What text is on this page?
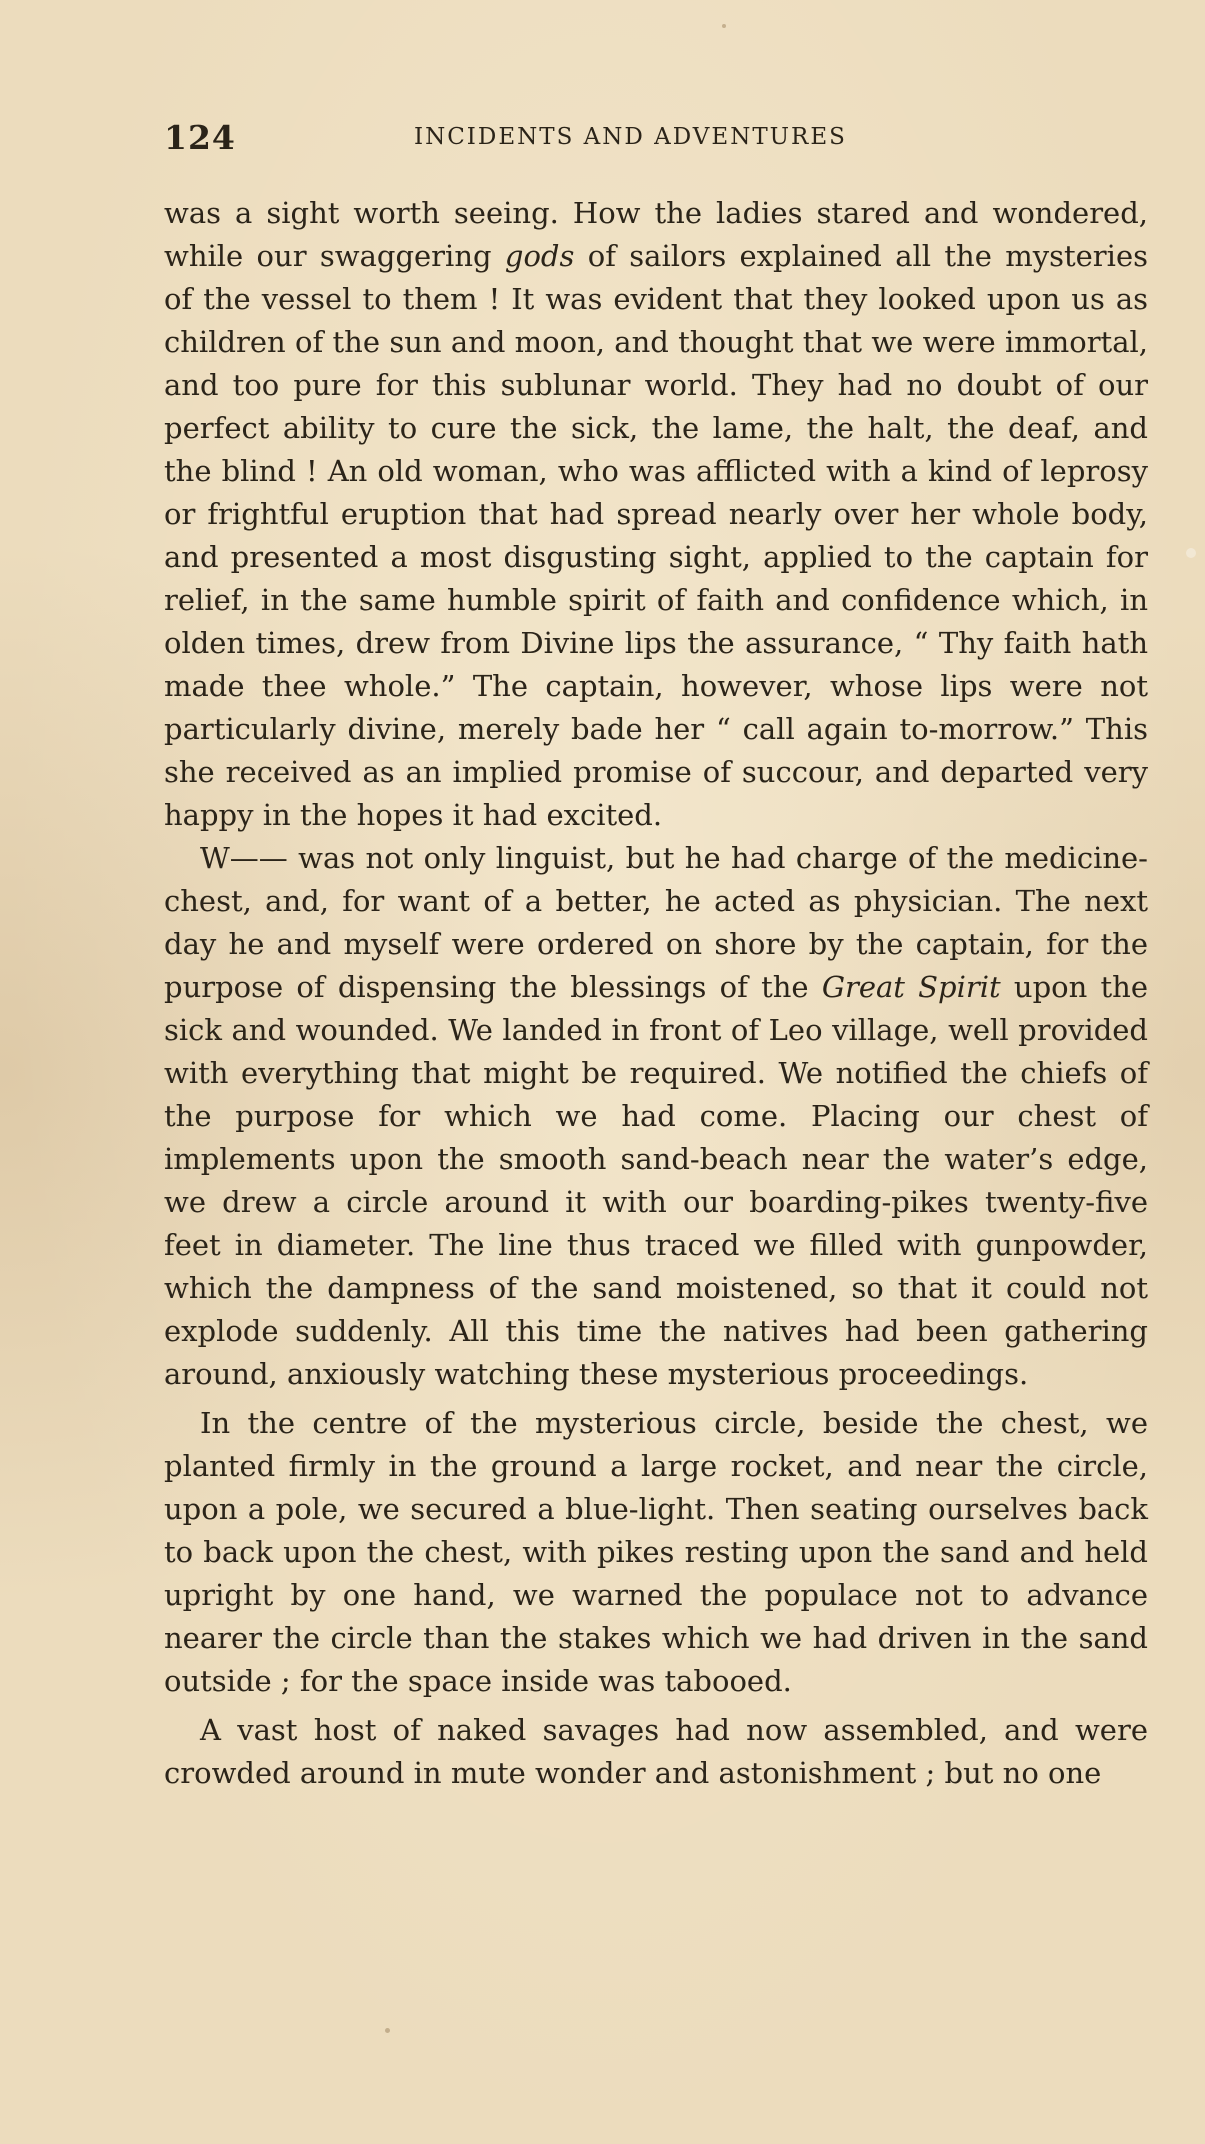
124	INCIDENTS AND ADVENTURES

was a sight worth seeing. How the ladies stared and wondered, while our swaggering gods of sailors explained all the mysteries of the vessel to them ! It was evident that they looked upon us as children of the sun and moon, and thought that we were immortal, and too pure for this sublunar world. They had no doubt of our perfect ability to cure the sick, the lame, the halt, the deaf, and the blind ! An old woman, who was afflicted with a kind of leprosy or frightful eruption that had spread nearly over her whole body, and presented a most disgusting sight, applied to the captain for relief, in the same humble spirit of faith and confidence which, in olden times, drew from Divine lips the assurance, “ Thy faith hath made thee whole.” The captain, however, whose lips were not particularly divine, merely bade her “ call again to-morrow.” This she received as an implied promise of succour, and departed very happy in the hopes it had excited.

W—— was not only linguist, but he had charge of the medicine-chest, and, for want of a better, he acted as physician. The next day he and myself were ordered on shore by the captain, for the purpose of dispensing the blessings of the Great Spirit upon the sick and wounded. We landed in front of Leo village, well provided with everything that might be required. We notified the chiefs of the purpose for which we had come. Placing our chest of implements upon the smooth sand-beach near the water’s edge, we drew a circle around it with our boarding-pikes twenty-five feet in diameter. The line thus traced we filled with gunpowder, which the dampness of the sand moistened, so that it could not explode suddenly. All this time the natives had been gathering around, anxiously watching these mysterious proceedings.

In the centre of the mysterious circle, beside the chest, we planted firmly in the ground a large rocket, and near the circle, upon a pole, we secured a blue-light. Then seating ourselves back to back upon the chest, with pikes resting upon the sand and held upright by one hand, we warned the populace not to advance nearer the circle than the stakes which we had driven in the sand outside ; for the space inside was tabooed.

A vast host of naked savages had now assembled, and were crowded around in mute wonder and astonishment ; but no one
